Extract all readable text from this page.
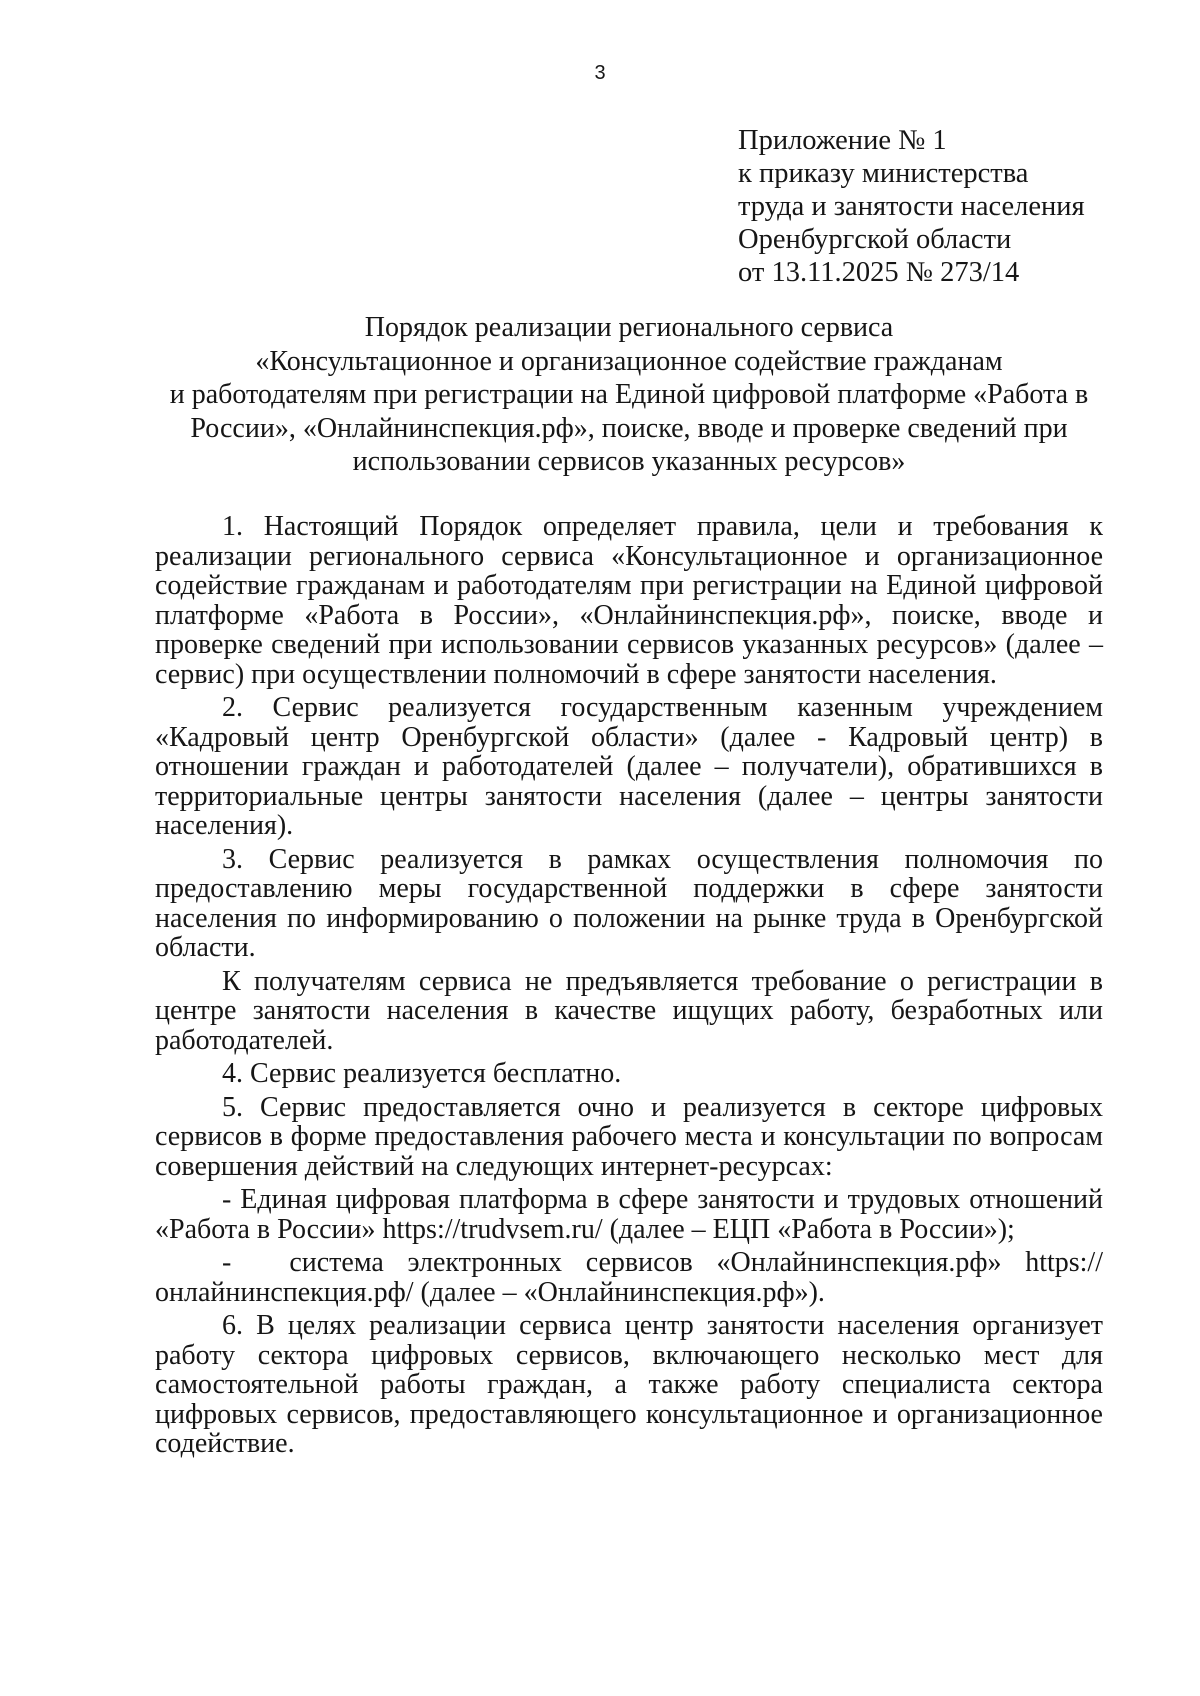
3
Приложение № 1
к приказу министерства
труда и занятости населения
Оренбургской области
от 13.11.2025 № 273/14
Порядок реализации регионального сервиса
«Консультационное и организационное содействие гражданам
и работодателям при регистрации на Единой цифровой платформе «Работа в
России», «Онлайнинспекция.рф», поиске, вводе и проверке сведений при
использовании сервисов указанных ресурсов»

1. Настоящий Порядок определяет правила, цели и требования к реализации регионального сервиса «Консультационное и организационное содействие гражданам и работодателям при регистрации на Единой цифровой платформе «Работа в России», «Онлайнинспекция.рф», поиске, вводе и проверке сведений при использовании сервисов указанных ресурсов» (далее – сервис) при осуществлении полномочий в сфере занятости населения.

2. Сервис реализуется государственным казенным учреждением «Кадровый центр Оренбургской области» (далее - Кадровый центр) в отношении граждан и работодателей (далее – получатели), обратившихся в территориальные центры занятости населения (далее – центры занятости населения).

3. Сервис реализуется в рамках осуществления полномочия по предоставлению меры государственной поддержки в сфере занятости населения по информированию о положении на рынке труда в Оренбургской области.

К получателям сервиса не предъявляется требование о регистрации в центре занятости населения в качестве ищущих работу, безработных или работодателей.

4. Сервис реализуется бесплатно.

5. Сервис предоставляется очно и реализуется в секторе цифровых сервисов в форме предоставления рабочего места и консультации по вопросам совершения действий на следующих интернет-ресурсах:

- Единая цифровая платформа в сфере занятости и трудовых отношений «Работа в России» https://trudvsem.ru/ (далее – ЕЦП «Работа в России»);

- система электронных сервисов «Онлайнинспекция.рф» https://онлайнинспекция.рф/ (далее – «Онлайнинспекция.рф»).

6. В целях реализации сервиса центр занятости населения организует работу сектора цифровых сервисов, включающего несколько мест для самостоятельной работы граждан, а также работу специалиста сектора цифровых сервисов, предоставляющего консультационное и организационное содействие.
